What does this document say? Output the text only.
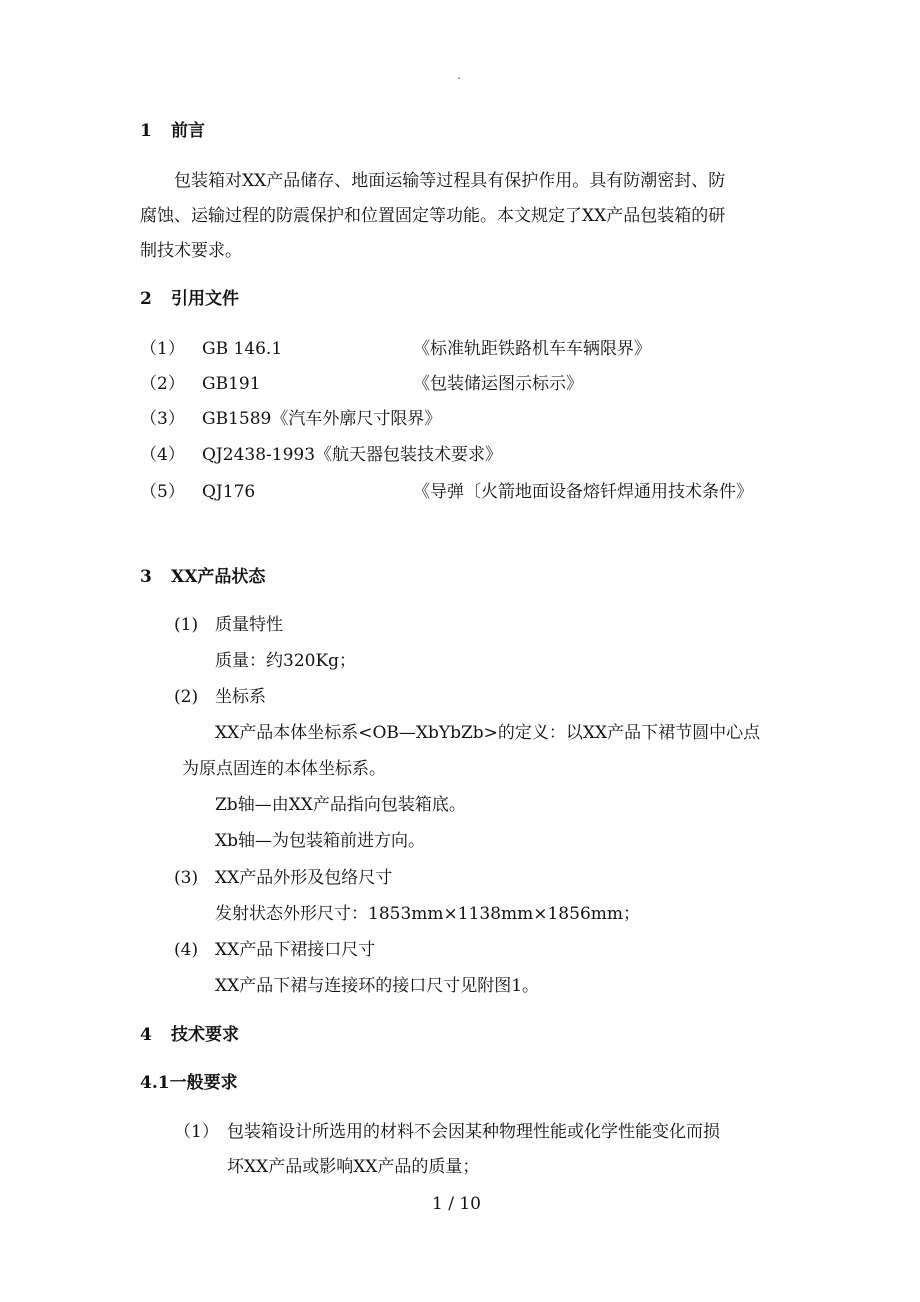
.
1 前言
包装箱对XX产品储存、地面运输等过程具有保护作用。具有防潮密封、防
腐蚀、运输过程的防震保护和位置固定等功能。本文规定了XX产品包装箱的研
制技术要求。
2 引用文件
（1） GB 146.1	《标准轨距铁路机车车辆限界》
（2） GB191	《包装储运图示标示》
（3） GB1589《汽车外廓尺寸限界》
（4） QJ2438-1993《航天器包装技术要求》
（5） QJ176	《导弹〔火箭地面设备熔钎焊通用技术条件》
3 XX产品状态
(1) 质量特性
质量：约320Kg；
(2) 坐标系
XX产品本体坐标系<OB—XbYbZb>的定义：以XX产品下裙节圆中心点
为原点固连的本体坐标系。
Zb轴—由XX产品指向包装箱底。
Xb轴—为包装箱前进方向。
(3) XX产品外形及包络尺寸
发射状态外形尺寸：1853mm×1138mm×1856mm；
(4) XX产品下裙接口尺寸
XX产品下裙与连接环的接口尺寸见附图1。
4 技术要求
4.1一般要求
（1） 包装箱设计所选用的材料不会因某种物理性能或化学性能变化而损
坏XX产品或影响XX产品的质量；
1 / 10
